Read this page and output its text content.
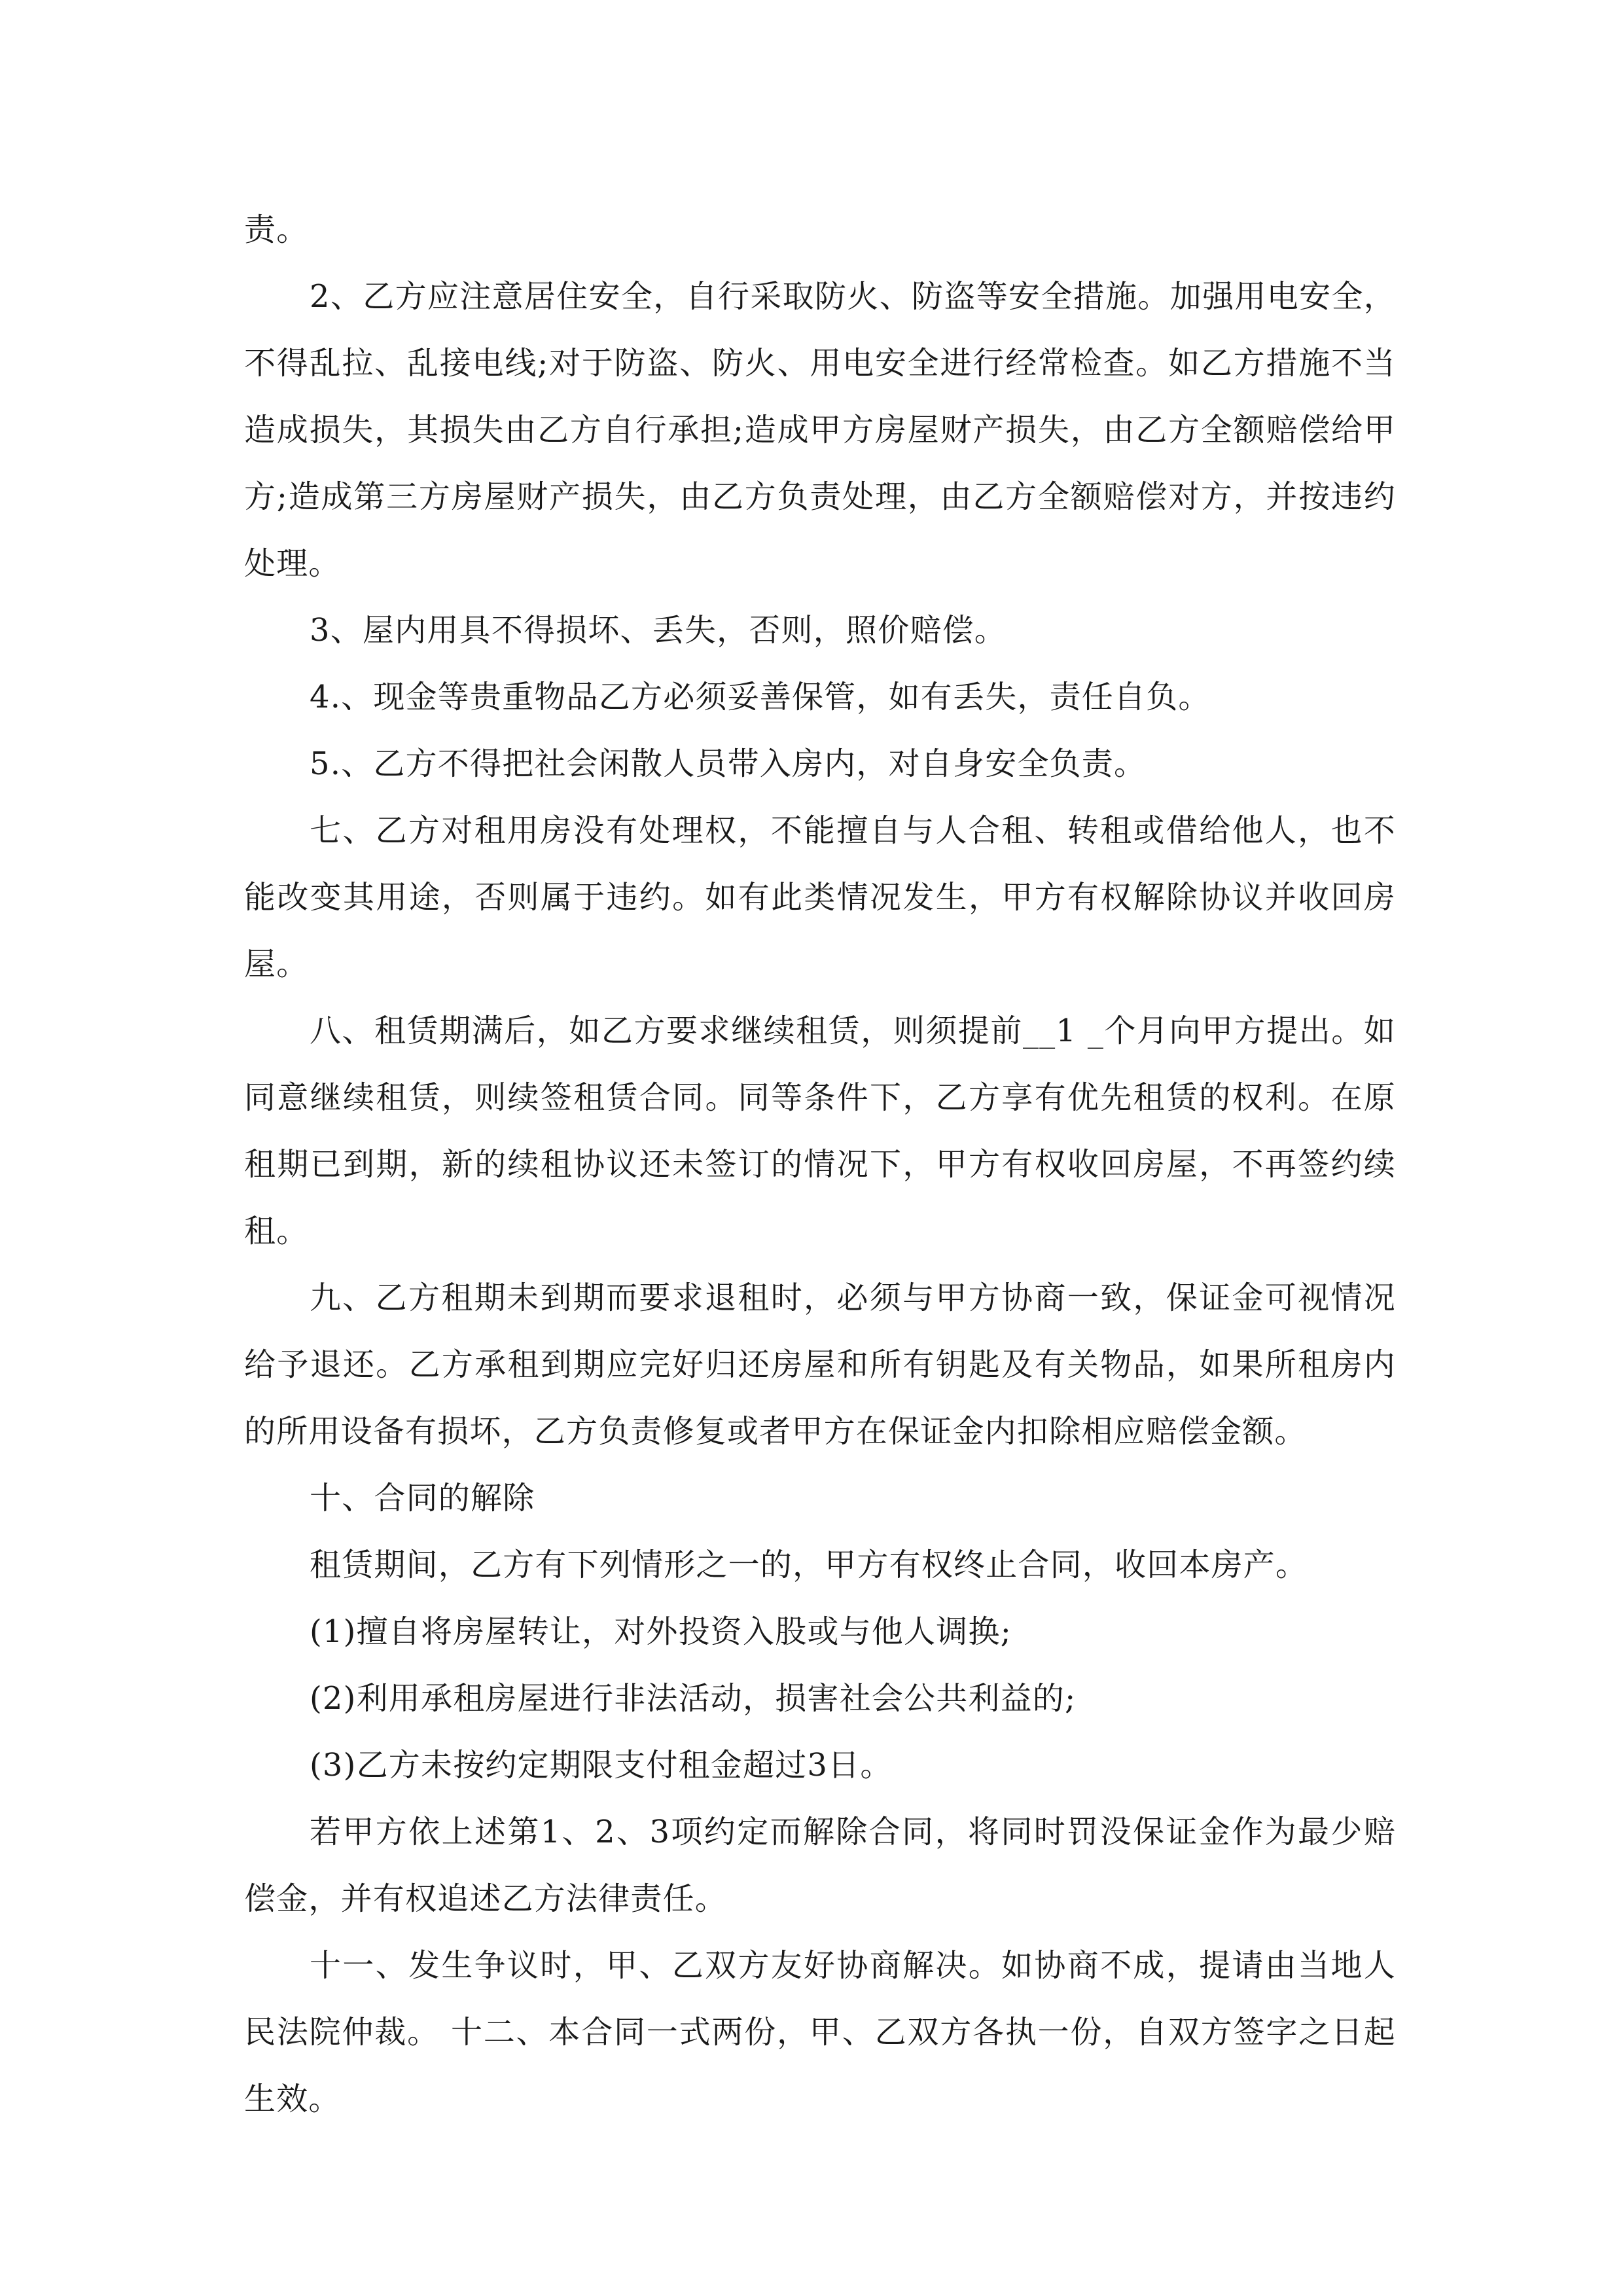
责。

2、乙方应注意居住安全，自行采取防火、防盗等安全措施。加强用电安全，不得乱拉、乱接电线;对于防盗、防火、用电安全进行经常检查。如乙方措施不当造成损失，其损失由乙方自行承担;造成甲方房屋财产损失，由乙方全额赔偿给甲方;造成第三方房屋财产损失，由乙方负责处理，由乙方全额赔偿对方，并按违约处理。

3、屋内用具不得损坏、丢失，否则，照价赔偿。

4.、现金等贵重物品乙方必须妥善保管，如有丢失，责任自负。

5.、乙方不得把社会闲散人员带入房内，对自身安全负责。

七、乙方对租用房没有处理权，不能擅自与人合租、转租或借给他人，也不能改变其用途，否则属于违约。如有此类情况发生，甲方有权解除协议并收回房屋。

八、租赁期满后，如乙方要求继续租赁，则须提前__1 _个月向甲方提出。如同意继续租赁，则续签租赁合同。同等条件下，乙方享有优先租赁的权利。在原租期已到期，新的续租协议还未签订的情况下，甲方有权收回房屋，不再签约续租。

九、乙方租期未到期而要求退租时，必须与甲方协商一致，保证金可视情况给予退还。乙方承租到期应完好归还房屋和所有钥匙及有关物品，如果所租房内的所用设备有损坏，乙方负责修复或者甲方在保证金内扣除相应赔偿金额。

十、合同的解除

租赁期间，乙方有下列情形之一的，甲方有权终止合同，收回本房产。

(1)擅自将房屋转让，对外投资入股或与他人调换;

(2)利用承租房屋进行非法活动，损害社会公共利益的;

(3)乙方未按约定期限支付租金超过3日。

若甲方依上述第1、2、3项约定而解除合同，将同时罚没保证金作为最少赔偿金，并有权追述乙方法律责任。

十一、发生争议时，甲、乙双方友好协商解决。如协商不成，提请由当地人民法院仲裁。 十二、本合同一式两份，甲、乙双方各执一份，自双方签字之日起生效。
